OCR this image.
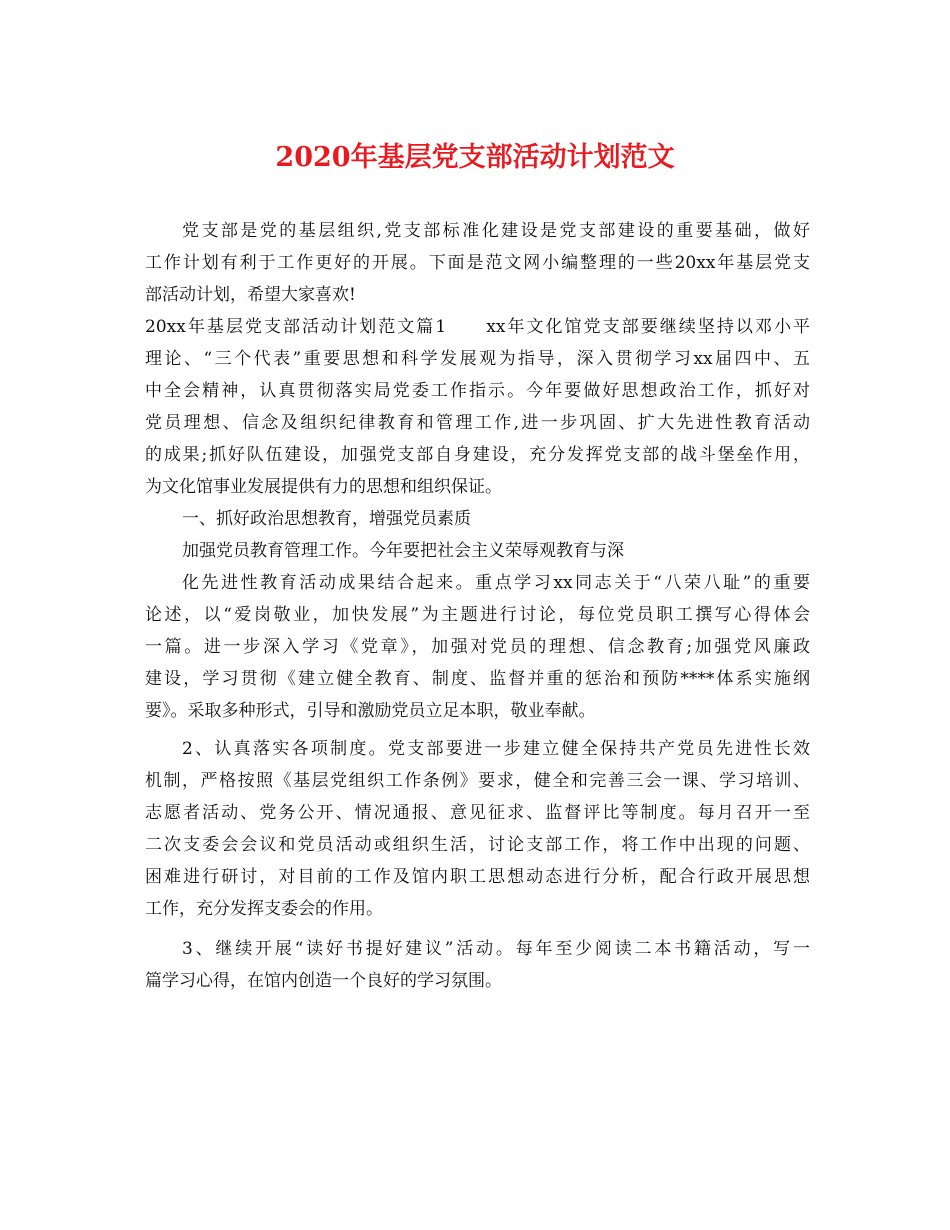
2020年基层党支部活动计划范文
党支部是党的基层组织,党支部标准化建设是党支部建设的重要基础，做好
工作计划有利于工作更好的开展。下面是范文网小编整理的一些20xx年基层党支
部活动计划，希望大家喜欢!
20xx年基层党支部活动计划范文篇1　　xx年文化馆党支部要继续坚持以邓小平
理论、“三个代表”重要思想和科学发展观为指导，深入贯彻学习xx届四中、五
中全会精神，认真贯彻落实局党委工作指示。今年要做好思想政治工作，抓好对
党员理想、信念及组织纪律教育和管理工作,进一步巩固、扩大先进性教育活动
的成果;抓好队伍建设，加强党支部自身建设，充分发挥党支部的战斗堡垒作用，
为文化馆事业发展提供有力的思想和组织保证。
一、抓好政治思想教育，增强党员素质
加强党员教育管理工作。今年要把社会主义荣辱观教育与深
化先进性教育活动成果结合起来。重点学习xx同志关于“八荣八耻”的重要
论述，以“爱岗敬业，加快发展”为主题进行讨论，每位党员职工撰写心得体会
一篇。进一步深入学习《党章》，加强对党员的理想、信念教育;加强党风廉政
建设，学习贯彻《建立健全教育、制度、监督并重的惩治和预防****体系实施纲
要》。采取多种形式，引导和激励党员立足本职，敬业奉献。
2、认真落实各项制度。党支部要进一步建立健全保持共产党员先进性长效
机制，严格按照《基层党组织工作条例》要求，健全和完善三会一课、学习培训、
志愿者活动、党务公开、情况通报、意见征求、监督评比等制度。每月召开一至
二次支委会会议和党员活动或组织生活，讨论支部工作，将工作中出现的问题、
困难进行研讨，对目前的工作及馆内职工思想动态进行分析，配合行政开展思想
工作，充分发挥支委会的作用。
3、继续开展“读好书提好建议”活动。每年至少阅读二本书籍活动，写一
篇学习心得，在馆内创造一个良好的学习氛围。
